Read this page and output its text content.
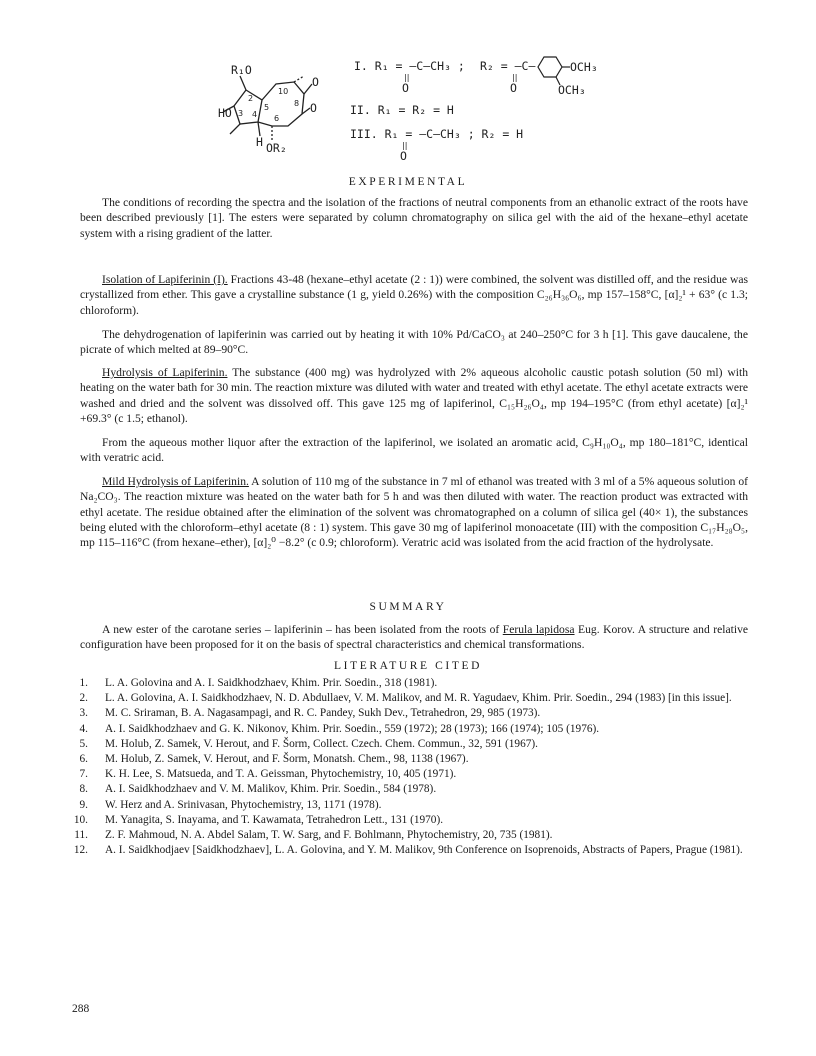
R₁O
HO
H OR₂
O
O
2
3 4
5
6
8
10
I. R₁ = —C—CH₃ ;
||
O
R₂ = —C—
||
O
OCH₃
OCH₃
II. R₁ = R₂ = H
III. R₁ = —C—CH₃ ; R₂ = H
||
O
EXPERIMENTAL

The conditions of recording the spectra and the isolation of the fractions of neutral components from an ethanolic extract of the roots have been described previously [1]. The esters were separated by column chromatography on silica gel with the aid of the hexane–ethyl acetate system with a rising gradient of the latter.

Isolation of Lapiferinin (I). Fractions 43-48 (hexane–ethyl acetate (2 : 1)) were combined, the solvent was distilled off, and the residue was crystallized from ether. This gave a crystalline substance (1 g, yield 0.26%) with the composition C₂₆H₃₆O₆, mp 157–158°C, [α]₂¹ + 63° (c 1.3; chloroform).

The dehydrogenation of lapiferinin was carried out by heating it with 10% Pd/CaCO₃ at 240–250°C for 3 h [1]. This gave daucalene, the picrate of which melted at 89–90°C.

Hydrolysis of Lapiferinin. The substance (400 mg) was hydrolyzed with 2% aqueous alcoholic caustic potash solution (50 ml) with heating on the water bath for 30 min. The reaction mixture was diluted with water and treated with ethyl acetate. The ethyl acetate extracts were washed and dried and the solvent was dissolved off. This gave 125 mg of lapiferinol, C₁₅H₂₆O₄, mp 194–195°C (from ethyl acetate) [α]₂¹ +69.3° (c 1.5; ethanol).

From the aqueous mother liquor after the extraction of the lapiferinol, we isolated an aromatic acid, C₉H₁₀O₄, mp 180–181°C, identical with veratric acid.

Mild Hydrolysis of Lapiferinin. A solution of 110 mg of the substance in 7 ml of ethanol was treated with 3 ml of a 5% aqueous solution of Na₂CO₃. The reaction mixture was heated on the water bath for 5 h and was then diluted with water. The reaction product was extracted with ethyl acetate. The residue obtained after the elimination of the solvent was chromatographed on a column of silica gel (40× 1), the substances being eluted with the chloroform–ethyl acetate (8 : 1) system. This gave 30 mg of lapiferinol monoacetate (III) with the composition C₁₇H₂₈O₅, mp 115–116°C (from hexane–ether), [α]₂⁰ −8.2° (c 0.9; chloroform). Veratric acid was isolated from the acid fraction of the hydrolysate.

SUMMARY

A new ester of the carotane series – lapiferinin – has been isolated from the roots of Ferula lapidosa Eug. Korov. A structure and relative configuration have been proposed for it on the basis of spectral characteristics and chemical transformations.

LITERATURE CITED
1. L. A. Golovina and A. I. Saidkhodzhaev, Khim. Prir. Soedin., 318 (1981).
2. L. A. Golovina, A. I. Saidkhodzhaev, N. D. Abdullaev, V. M. Malikov, and M. R. Yagudaev, Khim. Prir. Soedin., 294 (1983) [in this issue].
3. M. C. Sriraman, B. A. Nagasampagi, and R. C. Pandey, Sukh Dev., Tetrahedron, 29, 985 (1973).
4. A. I. Saidkhodzhaev and G. K. Nikonov, Khim. Prir. Soedin., 559 (1972); 28 (1973); 166 (1974); 105 (1976).
5. M. Holub, Z. Samek, V. Herout, and F. Šorm, Collect. Czech. Chem. Commun., 32, 591 (1967).
6. M. Holub, Z. Samek, V. Herout, and F. Šorm, Monatsh. Chem., 98, 1138 (1967).
7. K. H. Lee, S. Matsueda, and T. A. Geissman, Phytochemistry, 10, 405 (1971).
8. A. I. Saidkhodzhaev and V. M. Malikov, Khim. Prir. Soedin., 584 (1978).
9. W. Herz and A. Srinivasan, Phytochemistry, 13, 1171 (1978).
10. M. Yanagita, S. Inayama, and T. Kawamata, Tetrahedron Lett., 131 (1970).
11. Z. F. Mahmoud, N. A. Abdel Salam, T. W. Sarg, and F. Bohlmann, Phytochemistry, 20, 735 (1981).
12. A. I. Saidkhodjaev [Saidkhodzhaev], L. A. Golovina, and Y. M. Malikov, 9th Conference on Isoprenoids, Abstracts of Papers, Prague (1981).
288
